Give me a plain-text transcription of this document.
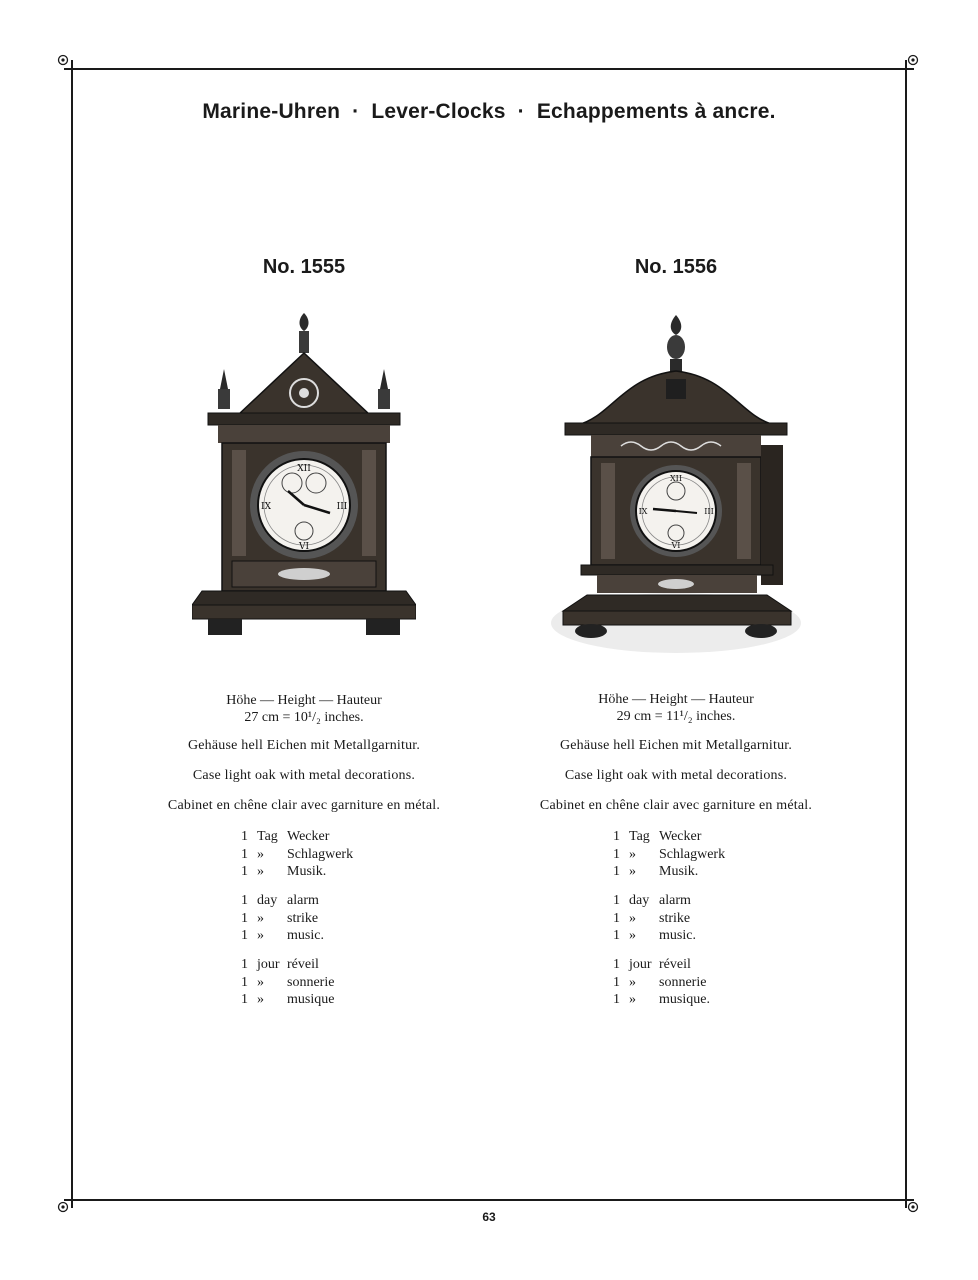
Marine-Uhren · Lever-Clocks · Echappements à ancre.
No. 1555
XII
III
VI
IX
Höhe — Height — Hauteur
27 cm = 10¹/₂ inches.
Gehäuse hell Eichen mit Metallgarnitur.
Case light oak with metal decorations.
Cabinet en chêne clair avec garniture en métal.
1 Tag Wecker
1 »	Schlagwerk
1 »	Musik.
1 day alarm
1 »	strike
1 »	music.
1 jour réveil
1 »	sonnerie
1 »	musique
No. 1556
XII
III
VI
IX
Höhe — Height — Hauteur
29 cm = 11¹/₂ inches.
Gehäuse hell Eichen mit Metallgarnitur.
Case light oak with metal decorations.
Cabinet en chêne clair avec garniture en métal.
1 Tag Wecker
1 »	Schlagwerk
1 »	Musik.
1 day alarm
1 »	strike
1 »	music.
1 jour réveil
1 »	sonnerie
1 »	musique.
63
